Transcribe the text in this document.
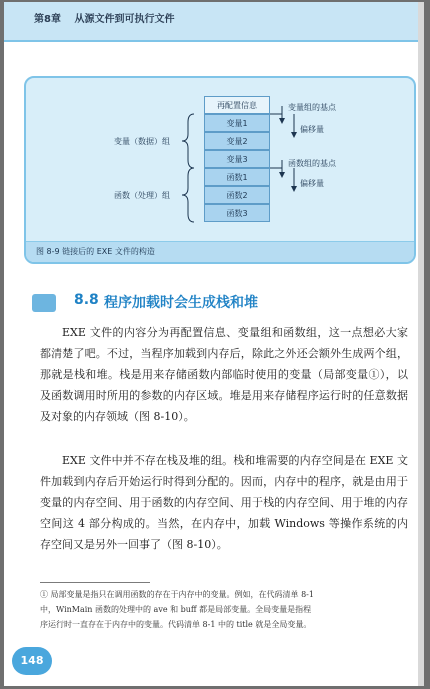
第8章 从源文件到可执行文件
再配置信息
变量1
变量2
变量3
函数1
函数2
函数3
变量（数据）组
函数（处理）组
变量组的基点
偏移量
函数组的基点
偏移量
图 8-9 链接后的 EXE 文件的构造
8.8 程序加载时会生成栈和堆

EXE 文件的内容分为再配置信息、变量组和函数组，这一点想必大家都清楚了吧。不过，当程序加载到内存后，除此之外还会额外生成两个组，那就是栈和堆。栈是用来存储函数内部临时使用的变量（局部变量①），以及函数调用时所用的参数的内存区域。堆是用来存储程序运行时的任意数据及对象的内存领域（图 8-10）。

EXE 文件中并不存在栈及堆的组。栈和堆需要的内存空间是在 EXE 文件加载到内存后开始运行时得到分配的。因而，内存中的程序，就是由用于变量的内存空间、用于函数的内存空间、用于栈的内存空间、用于堆的内存空间这 4 部分构成的。当然，在内存中，加载 Windows 等操作系统的内存空间又是另外一回事了（图 8-10）。

① 局部变量是指只在调用函数的存在于内存中的变量。例如，在代码清单 8-1
中，WinMain 函数的处理中的 ave 和 buff 都是局部变量。全局变量是指程
序运行时一直存在于内存中的变量。代码清单 8-1 中的 title 就是全局变量。
148
